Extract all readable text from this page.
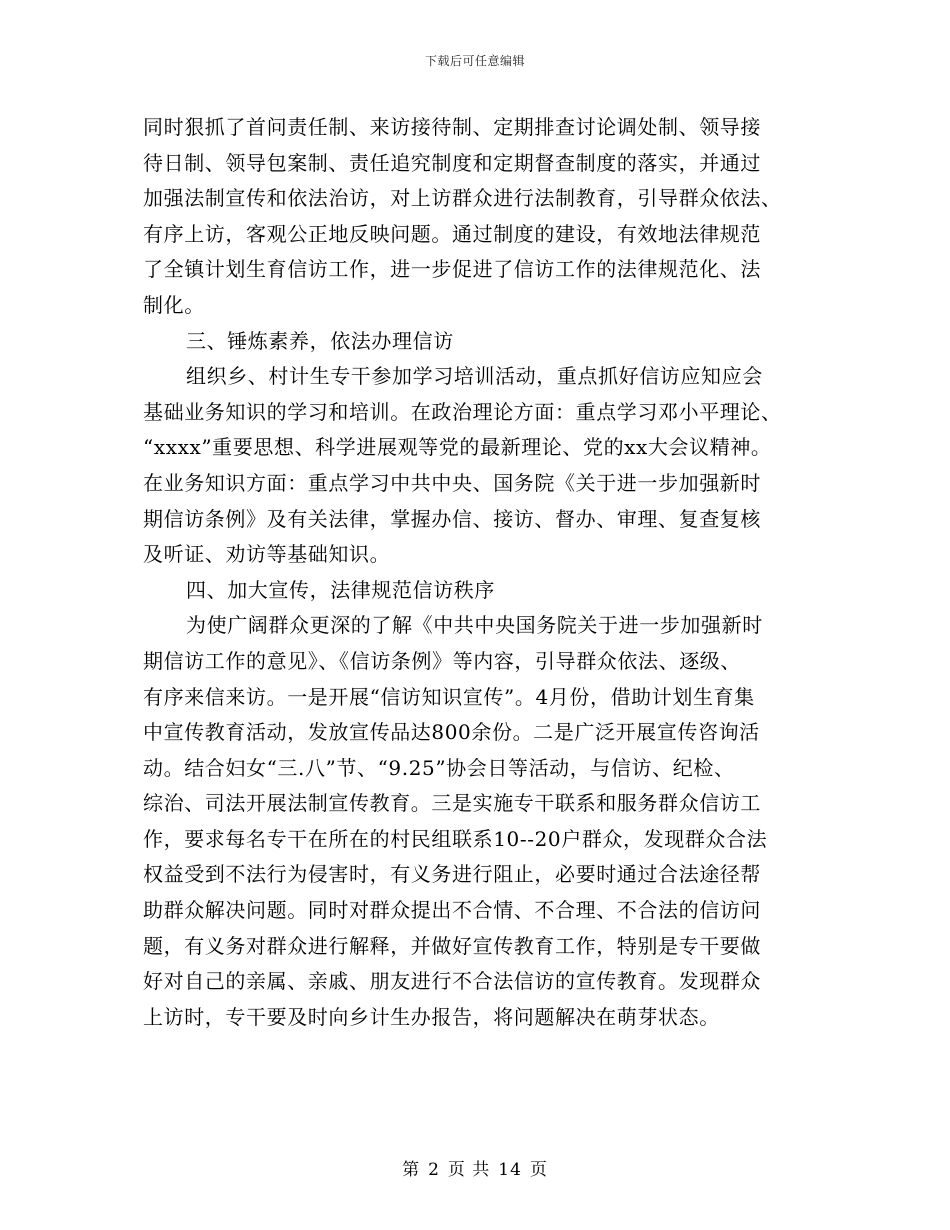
下载后可任意编辑
同时狠抓了首问责任制、来访接待制、定期排查讨论调处制、领导接
待日制、领导包案制、责任追究制度和定期督查制度的落实，并通过
加强法制宣传和依法治访，对上访群众进行法制教育，引导群众依法、
有序上访，客观公正地反映问题。通过制度的建设，有效地法律规范
了全镇计划生育信访工作，进一步促进了信访工作的法律规范化、法
制化。
三、锤炼素养，依法办理信访
组织乡、村计生专干参加学习培训活动，重点抓好信访应知应会
基础业务知识的学习和培训。在政治理论方面：重点学习邓小平理论、
“xxxx”重要思想、科学进展观等党的最新理论、党的xx大会议精神。
在业务知识方面：重点学习中共中央、国务院《关于进一步加强新时
期信访条例》及有关法律，掌握办信、接访、督办、审理、复查复核
及听证、劝访等基础知识。
四、加大宣传，法律规范信访秩序
为使广阔群众更深的了解《中共中央国务院关于进一步加强新时
期信访工作的意见》、《信访条例》等内容，引导群众依法、逐级、
有序来信来访。一是开展“信访知识宣传”。4月份，借助计划生育集
中宣传教育活动，发放宣传品达800余份。二是广泛开展宣传咨询活
动。结合妇女“三.八”节、“9.25”协会日等活动，与信访、纪检、
综治、司法开展法制宣传教育。三是实施专干联系和服务群众信访工
作，要求每名专干在所在的村民组联系10--20户群众，发现群众合法
权益受到不法行为侵害时，有义务进行阻止，必要时通过合法途径帮
助群众解决问题。同时对群众提出不合情、不合理、不合法的信访问
题，有义务对群众进行解释，并做好宣传教育工作，特别是专干要做
好对自己的亲属、亲戚、朋友进行不合法信访的宣传教育。发现群众
上访时，专干要及时向乡计生办报告，将问题解决在萌芽状态。
第 2 页 共 14 页
